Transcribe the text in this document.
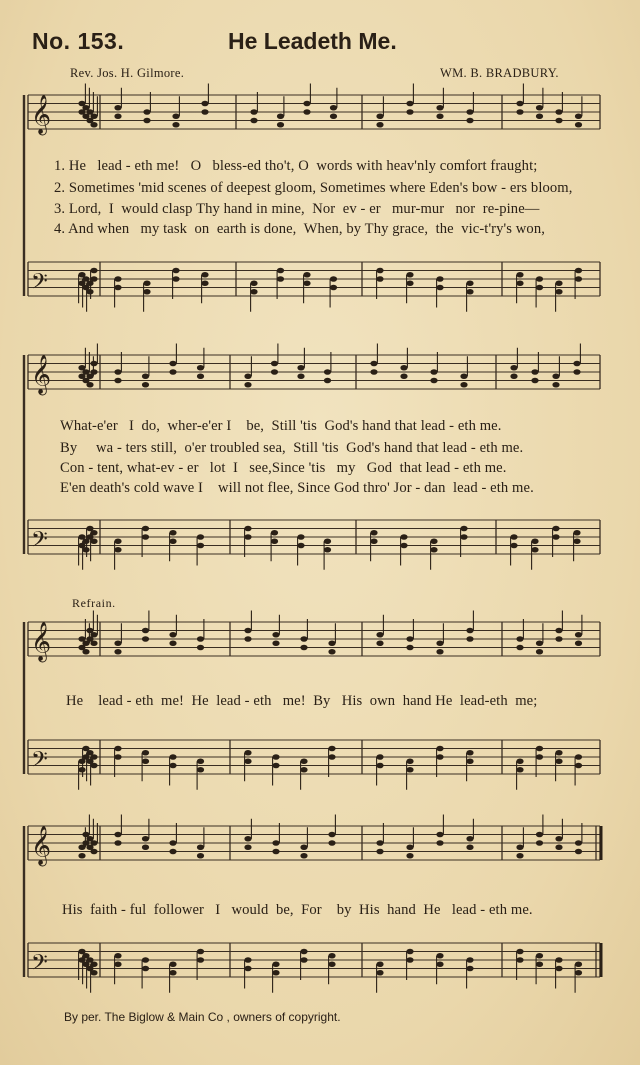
No. 153.	He Leadeth Me.
Rev. Jos. H. Gilmore.	WM. B. BRADBURY.
1. He   lead - eth me!   O   bless-ed tho't, O  words with heav'nly comfort fraught;
2. Sometimes 'mid scenes of deepest gloom, Sometimes where Eden's bow - ers bloom,
3. Lord,  I  would clasp Thy hand in mine,  Nor  ev - er   mur-mur   nor  re-pine—
4. And when   my task  on  earth is done,  When, by Thy grace,  the  vic-t'ry's won,
What-e'er   I  do,  wher-e'er I    be,  Still 'tis  God's hand that lead - eth me.
By     wa - ters still,  o'er troubled sea,  Still 'tis  God's hand that lead - eth me.
Con - tent, what-ev - er   lot  I   see,Since 'tis   my   God  that lead - eth me.
E'en death's cold wave I    will not flee, Since God thro' Jor - dan  lead - eth me.
Refrain.
He    lead - eth  me!  He  lead - eth   me!  By   His  own  hand He  lead-eth  me;
His  faith - ful  follower   I   would  be,  For    by  His  hand  He   lead - eth me.
By per. The Biglow & Main Co , owners of copyright.
𝄞
𝄢
𝄞
𝄢
𝄞
𝄢
𝄞
𝄢
